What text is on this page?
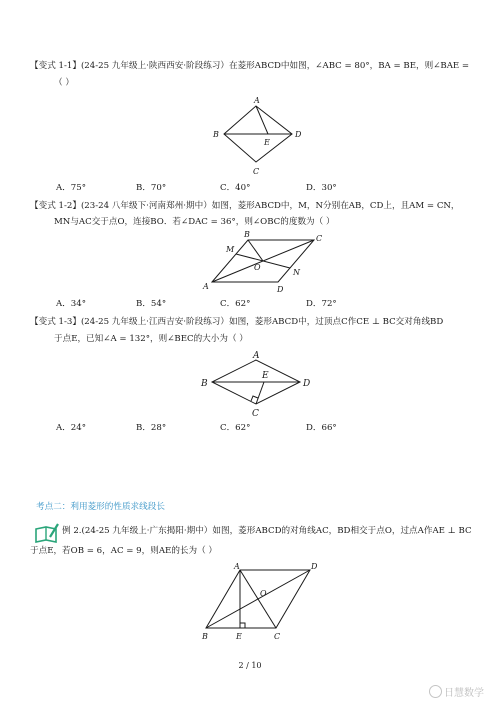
【变式 1-1】(24-25 九年级上·陕西西安·阶段练习）在菱形ABCD中如图，∠ABC = 80°，BA = BE，则∠BAE =
（ ）
A
B
E
D
C
A．75°	B．70°	C．40°	D．30°
【变式 1-2】(23-24 八年级下·河南郑州·期中）如图，菱形ABCD中，M，N分别在AB，CD上，且AM = CN，
MN与AC交于点O，连接BO．若∠DAC = 36°，则∠OBC的度数为（ ）
A
B	C
D
M
N
O
A．34°	B．54°	C．62°	D．72°
【变式 1-3】(24-25 九年级上·江西吉安·阶段练习）如图，菱形ABCD中，过顶点C作CE ⊥ BC交对角线BD
于点E，已知∠A = 132°，则∠BEC的大小为（ ）
A
B	D
E
C
A．24°	B．28°	C．62°	D．66°
考点二：利用菱形的性质求线段长
例 2.(24-25 九年级上·广东揭阳·期中）如图，菱形ABCD的对角线AC，BD相交于点O，过点A作AE ⊥ BC
于点E，若OB = 6，AC = 9，则AE的长为（ ）
A	D
O
B	E	C
2 / 10
日慧数学
